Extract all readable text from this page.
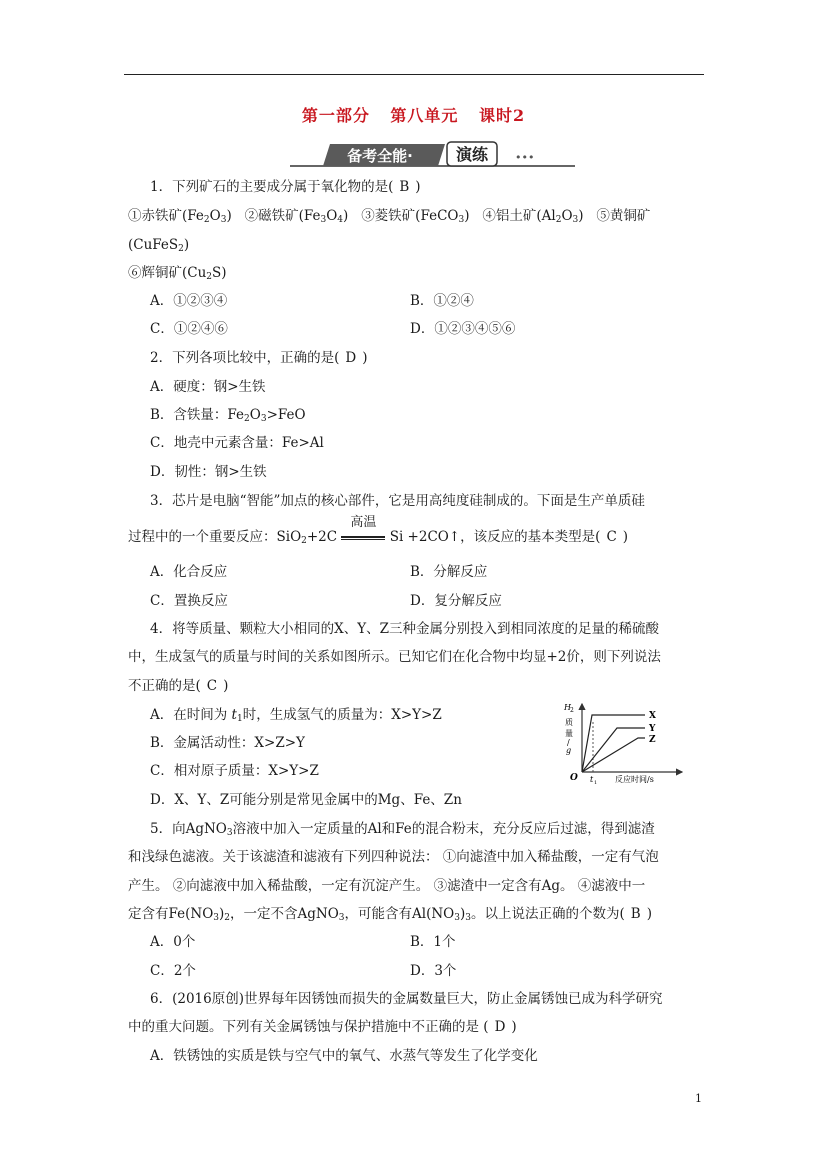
第一部分 第八单元 课时2
备考全能·	演练 •••
1．下列矿石的主要成分属于氧化物的是( B )
①赤铁矿$(Fe_2O_3)$ ②磁铁矿$(Fe_3O_4)$ ③菱铁矿(FeCO$_3$) ④铝土矿$(Al_2O_3)$ ⑤黄铜矿
(CuFeS$_2$)
⑥辉铜矿$(Cu_2S)$
A．①②③④	B．①②④
C．①②④⑥	D．①②③④⑤⑥
2．下列各项比较中，正确的是( D )
A．硬度：钢>生铁
B．含铁量：$Fe_2O_3>FeO$
C．地壳中元素含量：Fe>Al
D．韧性：钢>生铁
3．芯片是电脑“智能”加点的核心部件，它是用高纯度硅制成的。下面是生产单质硅
过程中的一个重要反应：SiO$_2$+2C
高温
Si +2CO↑，该反应的基本类型是( C )
A．化合反应	B．分解反应
C．置换反应	D．复分解反应
4．将等质量、颗粒大小相同的X、Y、Z三种金属分别投入到相同浓度的足量的稀硫酸
中，生成氢气的质量与时间的关系如图所示。已知它们在化合物中均显+2价，则下列说法
不正确的是( C )
A．在时间为 $t_1$时，生成氢气的质量为：X>Y>Z
B．金属活动性：X>Z>Y
C．相对原子质量：X>Y>Z
D．X、Y、Z可能分别是常见金属中的Mg、Fe、Zn
H 2
质
量
/
g
O t 1 反应时间/s
X
Y
Z
5．向AgNO$_3$溶液中加入一定质量的Al和Fe的混合粉末，充分反应后过滤，得到滤渣
和浅绿色滤液。关于该滤渣和滤液有下列四种说法： ①向滤渣中加入稀盐酸，一定有气泡
产生。 ②向滤液中加入稀盐酸，一定有沉淀产生。 ③滤渣中一定含有Ag。 ④滤液中一
定含有$Fe(NO_3)_2$，一定不含AgNO$_3$，可能含有$Al(NO_3)_3$。以上说法正确的个数为( B )
A．0个	B．1个
C．2个	D．3个
6．(2016原创)世界每年因锈蚀而损失的金属数量巨大，防止金属锈蚀已成为科学研究
中的重大问题。下列有关金属锈蚀与保护措施中不正确的是 ( D )
A．铁锈蚀的实质是铁与空气中的氧气、水蒸气等发生了化学变化
1
